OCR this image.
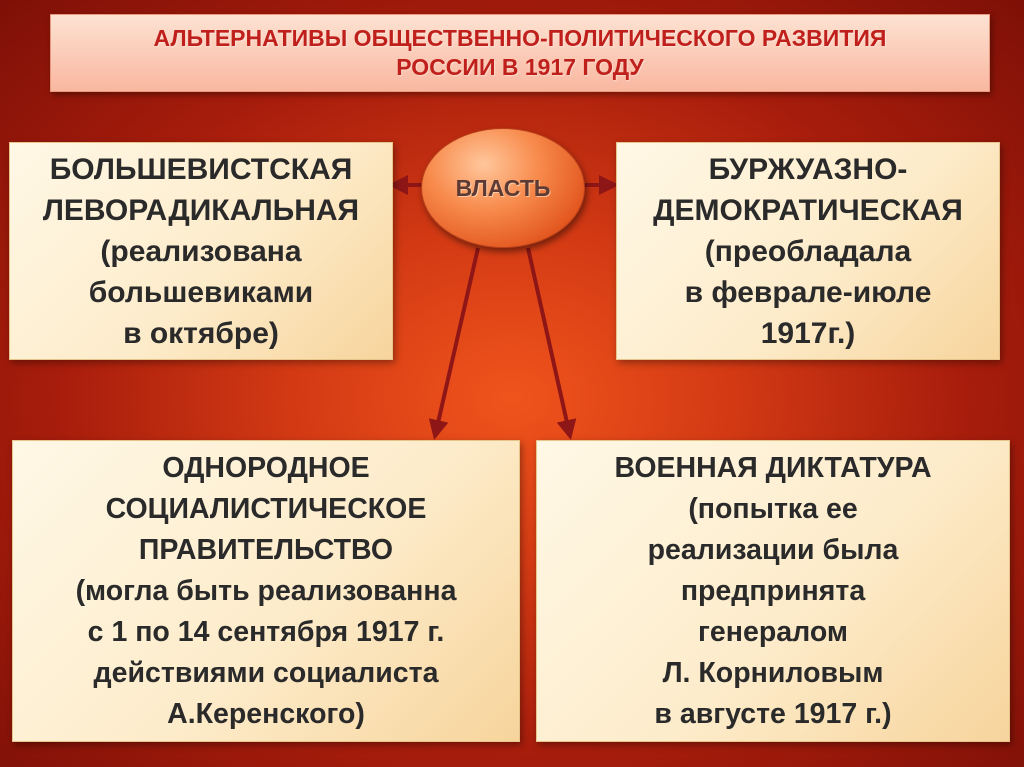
АЛЬТЕРНАТИВЫ ОБЩЕСТВЕННО-ПОЛИТИЧЕСКОГО РАЗВИТИЯ
РОССИИ В 1917 ГОДУ
ВЛАСТЬ
БОЛЬШЕВИСТСКАЯ
ЛЕВОРАДИКАЛЬНАЯ
(реализована
большевиками
в октябре)
БУРЖУАЗНО-
ДЕМОКРАТИЧЕСКАЯ
(преобладала
в феврале-июле
1917г.)
ОДНОРОДНОЕ
СОЦИАЛИСТИЧЕСКОЕ
ПРАВИТЕЛЬСТВО
(могла быть реализованна
с 1 по 14 сентября 1917 г.
действиями социалиста
А.Керенского)
ВОЕННАЯ ДИКТАТУРА
(попытка ее
реализации была
предпринята
генералом
Л. Корниловым
в августе 1917 г.)
